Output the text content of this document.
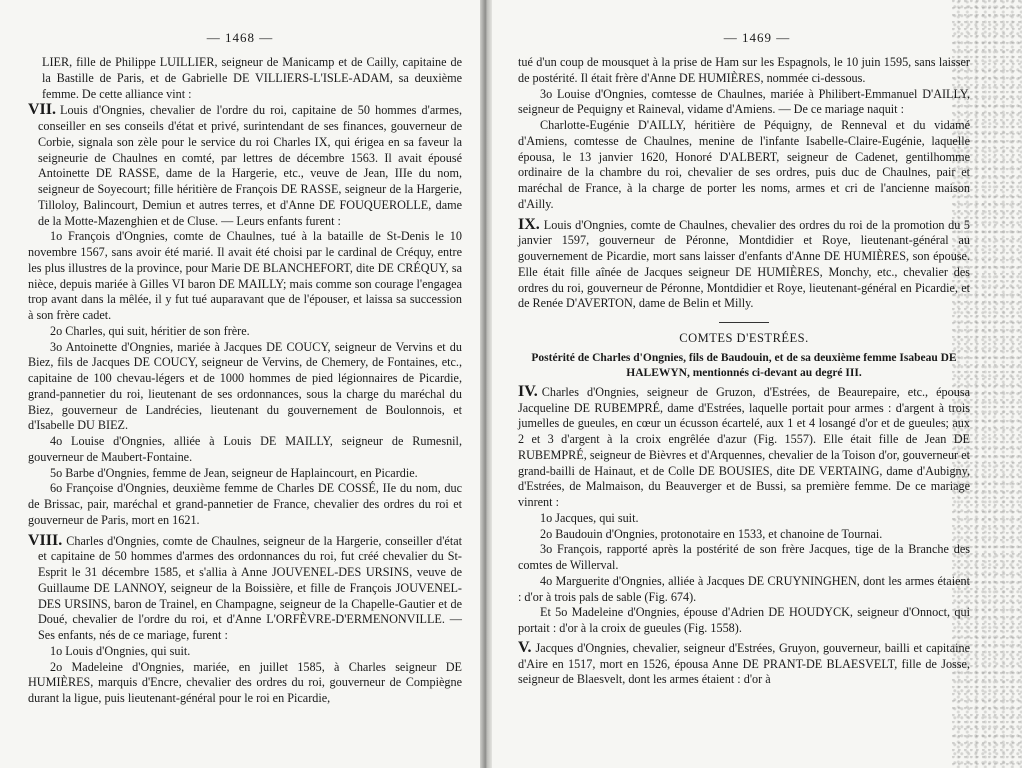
— 1468 —

LIER, fille de Philippe LUILLIER, seigneur de Manicamp et de Cailly, capitaine de la Bastille de Paris, et de Gabrielle DE VILLIERS-L'ISLE-ADAM, sa deuxième femme. De cette alliance vint :

VII. Louis d'Ongnies, chevalier de l'ordre du roi, capitaine de 50 hommes d'armes, conseiller en ses conseils d'état et privé, surintendant de ses finances, gouverneur de Corbie, signala son zèle pour le service du roi Charles IX, qui érigea en sa faveur la seigneurie de Chaulnes en comté, par lettres de décembre 1563. Il avait épousé Antoinette DE RASSE, dame de la Hargerie, etc., veuve de Jean, IIIe du nom, seigneur de Soyecourt; fille héritière de François DE RASSE, seigneur de la Hargerie, Tilloloy, Balincourt, Demiun et autres terres, et d'Anne DE FOUQUEROLLE, dame de la Motte-Mazenghien et de Cluse. — Leurs enfants furent :

1o François d'Ongnies, comte de Chaulnes, tué à la bataille de St-Denis le 10 novembre 1567, sans avoir été marié. Il avait été choisi par le cardinal de Créquy, entre les plus illustres de la province, pour Marie DE BLANCHEFORT, dite DE CRÉQUY, sa nièce, depuis mariée à Gilles VI baron DE MAILLY; mais comme son courage l'engagea trop avant dans la mêlée, il y fut tué auparavant que de l'épouser, et laissa sa succession à son frère cadet.

2o Charles, qui suit, héritier de son frère.

3o Antoinette d'Ongnies, mariée à Jacques DE COUCY, seigneur de Vervins et du Biez, fils de Jacques DE COUCY, seigneur de Vervins, de Chemery, de Fontaines, etc., capitaine de 100 chevau-légers et de 1000 hommes de pied légionnaires de Picardie, grand-pannetier du roi, lieutenant de ses ordonnances, sous la charge du maréchal du Biez, gouverneur de Landrécies, lieutenant du gouvernement de Boulonnois, et d'Isabelle DU BIEZ.

4o Louise d'Ongnies, alliée à Louis DE MAILLY, seigneur de Rumesnil, gouverneur de Maubert-Fontaine.

5o Barbe d'Ongnies, femme de Jean, seigneur de Haplaincourt, en Picardie.

6o Françoise d'Ongnies, deuxième femme de Charles DE COSSÉ, IIe du nom, duc de Brissac, pair, maréchal et grand-pannetier de France, chevalier des ordres du roi et gouverneur de Paris, mort en 1621.

VIII. Charles d'Ongnies, comte de Chaulnes, seigneur de la Hargerie, conseiller d'état et capitaine de 50 hommes d'armes des ordonnances du roi, fut créé chevalier du St-Esprit le 31 décembre 1585, et s'allia à Anne JOUVENEL-DES URSINS, veuve de Guillaume DE LANNOY, seigneur de la Boissière, et fille de François JOUVENEL-DES URSINS, baron de Trainel, en Champagne, seigneur de la Chapelle-Gautier et de Doué, chevalier de l'ordre du roi, et d'Anne L'ORFÈVRE-D'ERMENONVILLE. — Ses enfants, nés de ce mariage, furent :

1o Louis d'Ongnies, qui suit.

2o Madeleine d'Ongnies, mariée, en juillet 1585, à Charles seigneur DE HUMIÈRES, marquis d'Encre, chevalier des ordres du roi, gouverneur de Compiègne durant la ligue, puis lieutenant-général pour le roi en Picardie,

— 1469 —

tué d'un coup de mousquet à la prise de Ham sur les Espagnols, le 10 juin 1595, sans laisser de postérité. Il était frère d'Anne DE HUMIÈRES, nommée ci-dessous.

3o Louise d'Ongnies, comtesse de Chaulnes, mariée à Philibert-Emmanuel D'AILLY, seigneur de Pequigny et Raineval, vidame d'Amiens. — De ce mariage naquit :

Charlotte-Eugénie D'AILLY, héritière de Péquigny, de Renneval et du vidamé d'Amiens, comtesse de Chaulnes, menine de l'infante Isabelle-Claire-Eugénie, laquelle épousa, le 13 janvier 1620, Honoré D'ALBERT, seigneur de Cadenet, gentilhomme ordinaire de la chambre du roi, chevalier de ses ordres, puis duc de Chaulnes, pair et maréchal de France, à la charge de porter les noms, armes et cri de l'ancienne maison d'Ailly.

IX. Louis d'Ongnies, comte de Chaulnes, chevalier des ordres du roi de la promotion du 5 janvier 1597, gouverneur de Péronne, Montdidier et Roye, lieutenant-général au gouvernement de Picardie, mort sans laisser d'enfants d'Anne DE HUMIÈRES, son épouse. Elle était fille aînée de Jacques seigneur DE HUMIÈRES, Monchy, etc., chevalier des ordres du roi, gouverneur de Péronne, Montdidier et Roye, lieutenant-général en Picardie, et de Renée D'AVERTON, dame de Belin et Milly.

COMTES D'ESTRÉES.
Postérité de Charles d'Ongnies, fils de Baudouin, et de sa deuxième femme Isabeau DE HALEWYN, mentionnés ci-devant au degré III.

IV. Charles d'Ongnies, seigneur de Gruzon, d'Estrées, de Beaurepaire, etc., épousa Jacqueline DE RUBEMPRÉ, dame d'Estrées, laquelle portait pour armes : d'argent à trois jumelles de gueules, en cœur un écusson écartelé, aux 1 et 4 losangé d'or et de gueules; aux 2 et 3 d'argent à la croix engrêlée d'azur (Fig. 1557). Elle était fille de Jean DE RUBEMPRÉ, seigneur de Bièvres et d'Arquennes, chevalier de la Toison d'or, gouverneur et grand-bailli de Hainaut, et de Colle DE BOUSIES, dite DE VERTAING, dame d'Aubigny, d'Estrées, de Malmaison, du Beauverger et de Bussi, sa première femme. De ce mariage vinrent :

1o Jacques, qui suit.

2o Baudouin d'Ongnies, protonotaire en 1533, et chanoine de Tournai.

3o François, rapporté après la postérité de son frère Jacques, tige de la Branche des comtes de Willerval.

4o Marguerite d'Ongnies, alliée à Jacques DE CRUYNINGHEN, dont les armes étaient : d'or à trois pals de sable (Fig. 674).

Et 5o Madeleine d'Ongnies, épouse d'Adrien DE HOUDYCK, seigneur d'Onnoct, qui portait : d'or à la croix de gueules (Fig. 1558).

V. Jacques d'Ongnies, chevalier, seigneur d'Estrées, Gruyon, gouverneur, bailli et capitaine d'Aire en 1517, mort en 1526, épousa Anne DE PRANT-DE BLAESVELT, fille de Josse, seigneur de Blaesvelt, dont les armes étaient : d'or à
